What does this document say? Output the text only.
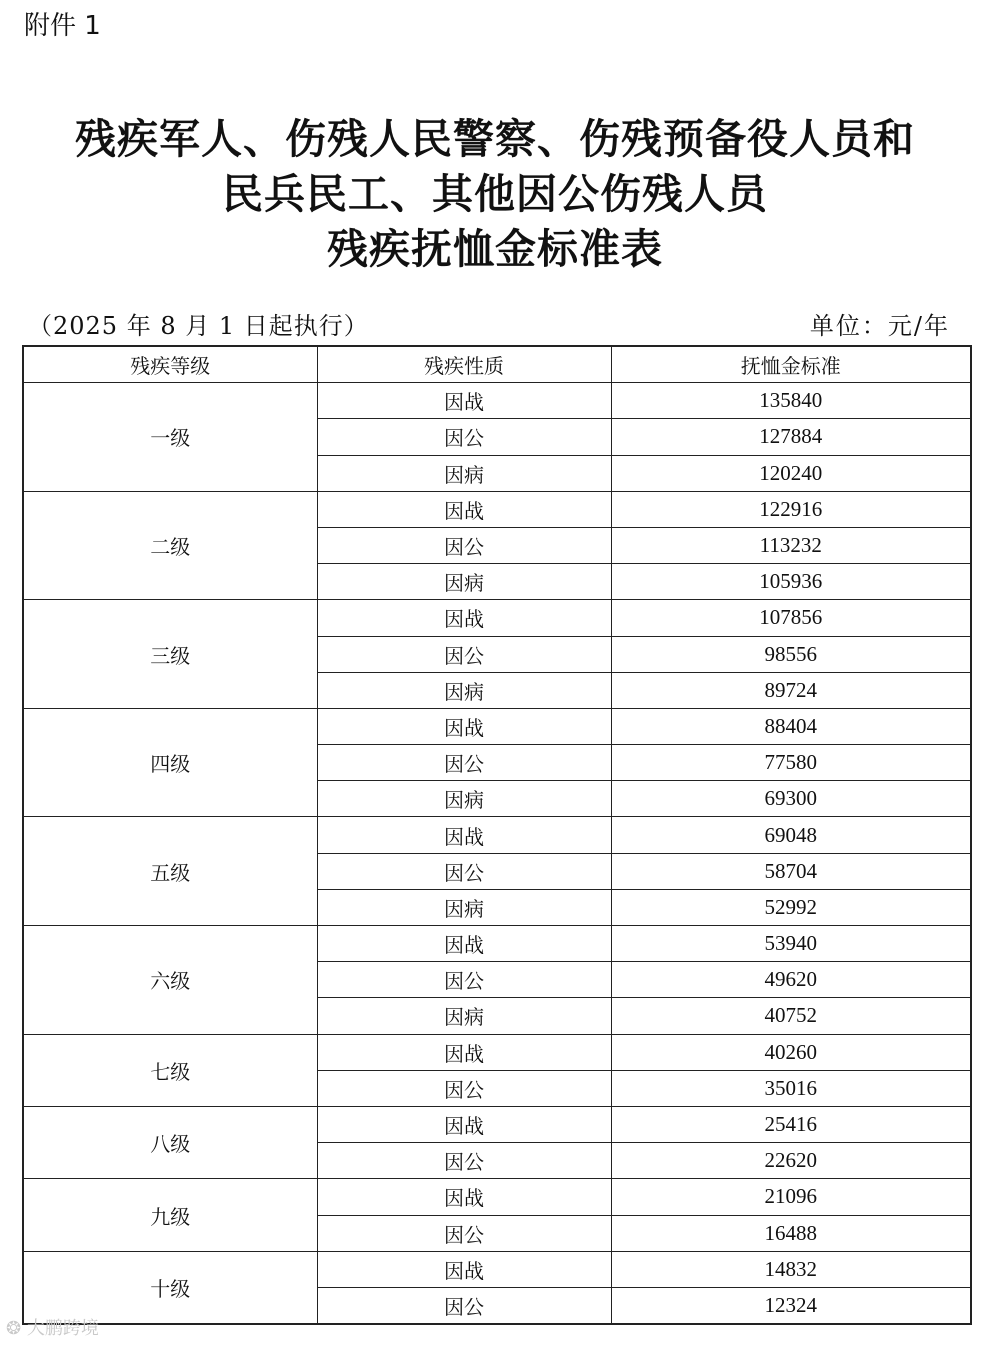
附件 1
残疾军人、伤残人民警察、伤残预备役人员和
民兵民工、其他因公伤残人员
残疾抚恤金标准表
（2025 年 8 月 1 日起执行）	单位：元/年
残疾等级	残疾性质	抚恤金标准
一级	因战	135840
	因公	127884
	因病	120240
二级	因战	122916
	因公	113232
	因病	105936
三级	因战	107856
	因公	98556
	因病	89724
四级	因战	88404
	因公	77580
	因病	69300
五级	因战	69048
	因公	58704
	因病	52992
六级	因战	53940
	因公	49620
	因病	40752
七级	因战	40260
	因公	35016
八级	因战	25416
	因公	22620
九级	因战	21096
	因公	16488
十级	因战	14832
	因公	12324
❂ 大鹏跨境
